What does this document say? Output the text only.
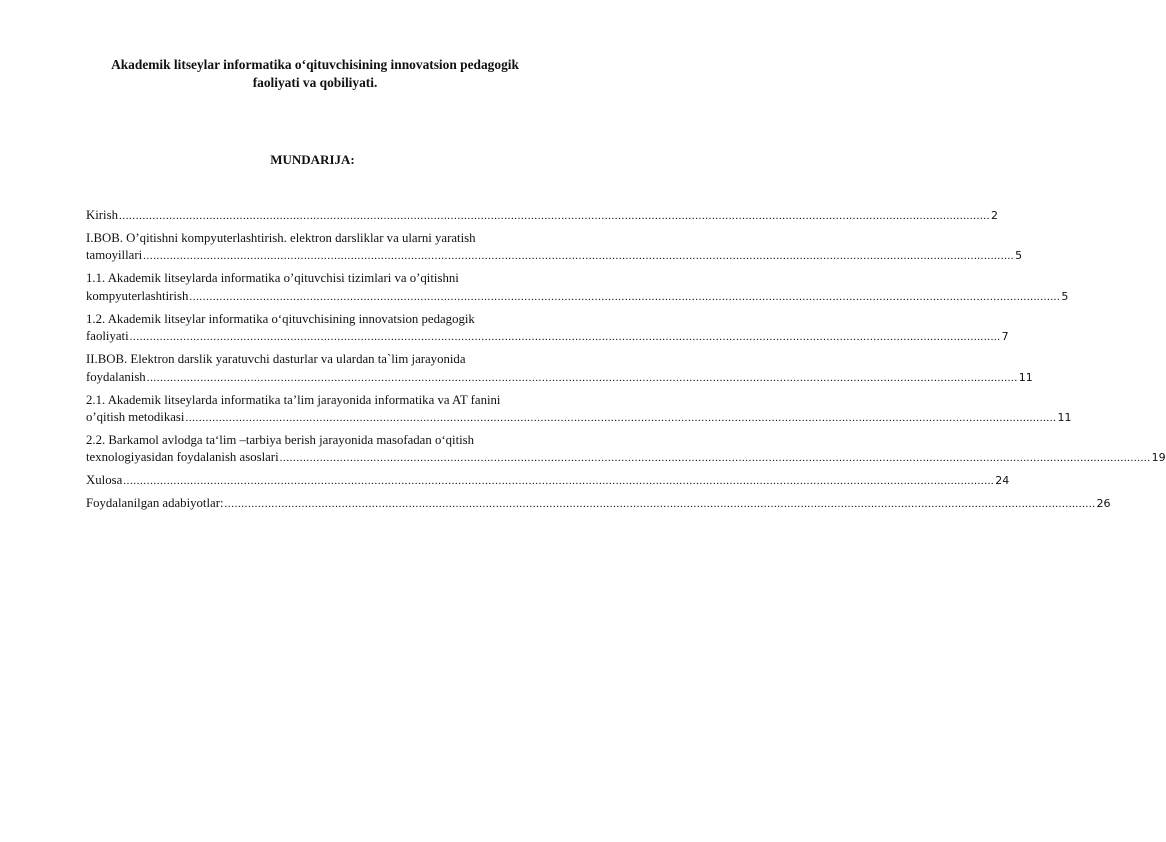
Akademik litseylar informatika o‘qituvchisining innovatsion pedagogik faoliyati va qobiliyati.
MUNDARIJA:
Kirish .................................................................................................................................................................................................................................................................... 2
I.BOB. O’qitishni kompyuterlashtirish. elektron darsliklar va ularni yaratish
tamoyillari .................................................................................................................................................................................................................................................................... 5
1.1. Akademik litseylarda informatika o’qituvchisi tizimlari va o’qitishni
kompyuterlashtirish .................................................................................................................................................................................................................................................................... 5
1.2. Akademik litseylar informatika o‘qituvchisining innovatsion pedagogik
faoliyati .................................................................................................................................................................................................................................................................... 7
II.BOB. Elektron darslik yaratuvchi dasturlar va ulardan ta`lim jarayonida
foydalanish .................................................................................................................................................................................................................................................................... 11
2.1. Akademik litseylarda informatika ta’lim jarayonida informatika va AT fanini
o’qitish metodikasi .................................................................................................................................................................................................................................................................... 11
2.2. Barkamol avlodga ta‘lim –tarbiya berish jarayonida masofadan o‘qitish
texnologiyasidan foydalanish asoslari .................................................................................................................................................................................................................................................................... 19
Xulosa .................................................................................................................................................................................................................................................................... 24
Foydalanilgan adabiyotlar: .................................................................................................................................................................................................................................................................... 26
